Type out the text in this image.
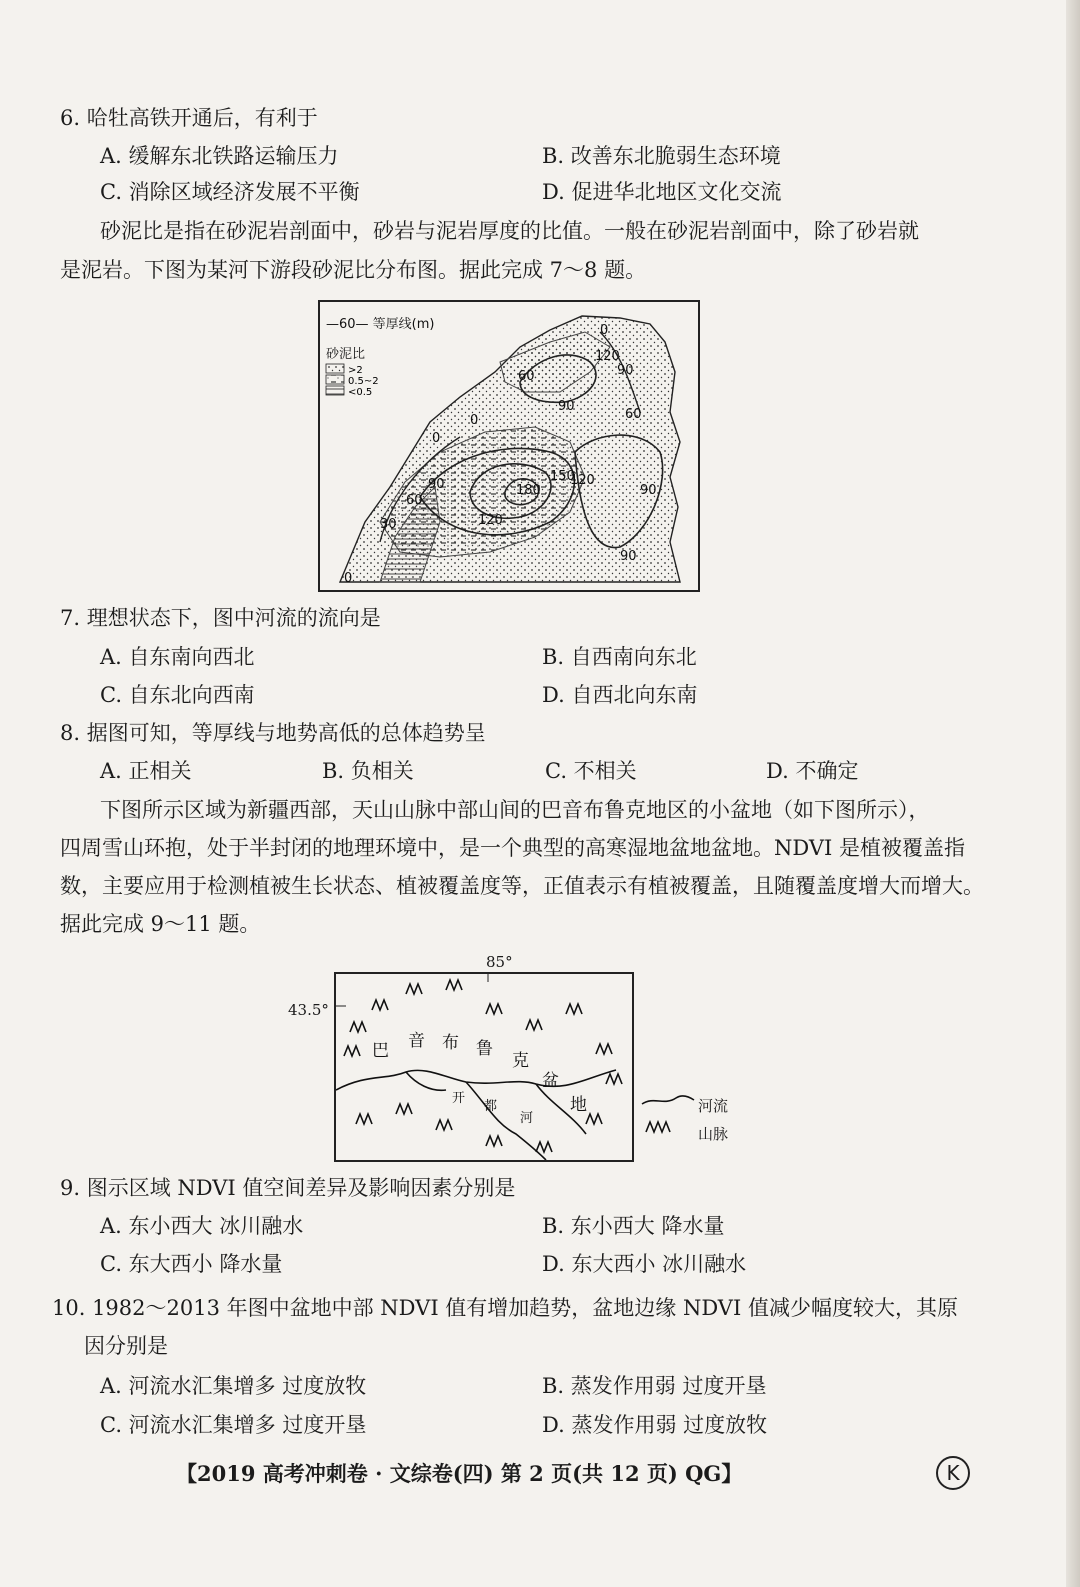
6. 哈牡高铁开通后，有利于
A. 缓解东北铁路运输压力	B. 改善东北脆弱生态环境
C. 消除区域经济发展不平衡	D. 促进华北地区文化交流
砂泥比是指在砂泥岩剖面中，砂岩与泥岩厚度的比值。一般在砂泥岩剖面中，除了砂岩就
是泥岩。下图为某河下游段砂泥比分布图。据此完成 7～8 题。
—60— 等厚线(m)
砂泥比
>2
0.5~2
<0.5
0
120
90
60
90
60
0
0
90	180
150
120
120
30
60
0
90
90
7. 理想状态下，图中河流的流向是
A. 自东南向西北	B. 自西南向东北
C. 自东北向西南	D. 自西北向东南
8. 据图可知，等厚线与地势高低的总体趋势呈
A. 正相关	B. 负相关	C. 不相关	D. 不确定
下图所示区域为新疆西部，天山山脉中部山间的巴音布鲁克地区的小盆地（如下图所示），
四周雪山环抱，处于半封闭的地理环境中，是一个典型的高寒湿地盆地盆地。NDVI 是植被覆盖指
数，主要应用于检测植被生长状态、植被覆盖度等，正值表示有植被覆盖，且随覆盖度增大而增大。
据此完成 9～11 题。
85°
43.5°
巴 音 布 鲁
克
盆
地
开
都
河
河流
山脉
9. 图示区域 NDVI 值空间差异及影响因素分别是
A. 东小西大 冰川融水	B. 东小西大 降水量
C. 东大西小 降水量	D. 东大西小 冰川融水
10. 1982～2013 年图中盆地中部 NDVI 值有增加趋势，盆地边缘 NDVI 值减少幅度较大，其原
因分别是
A. 河流水汇集增多 过度放牧	B. 蒸发作用弱 过度开垦
C. 河流水汇集增多 过度开垦	D. 蒸发作用弱 过度放牧
【2019 高考冲刺卷 · 文综卷(四) 第 2 页(共 12 页) QG】	K
